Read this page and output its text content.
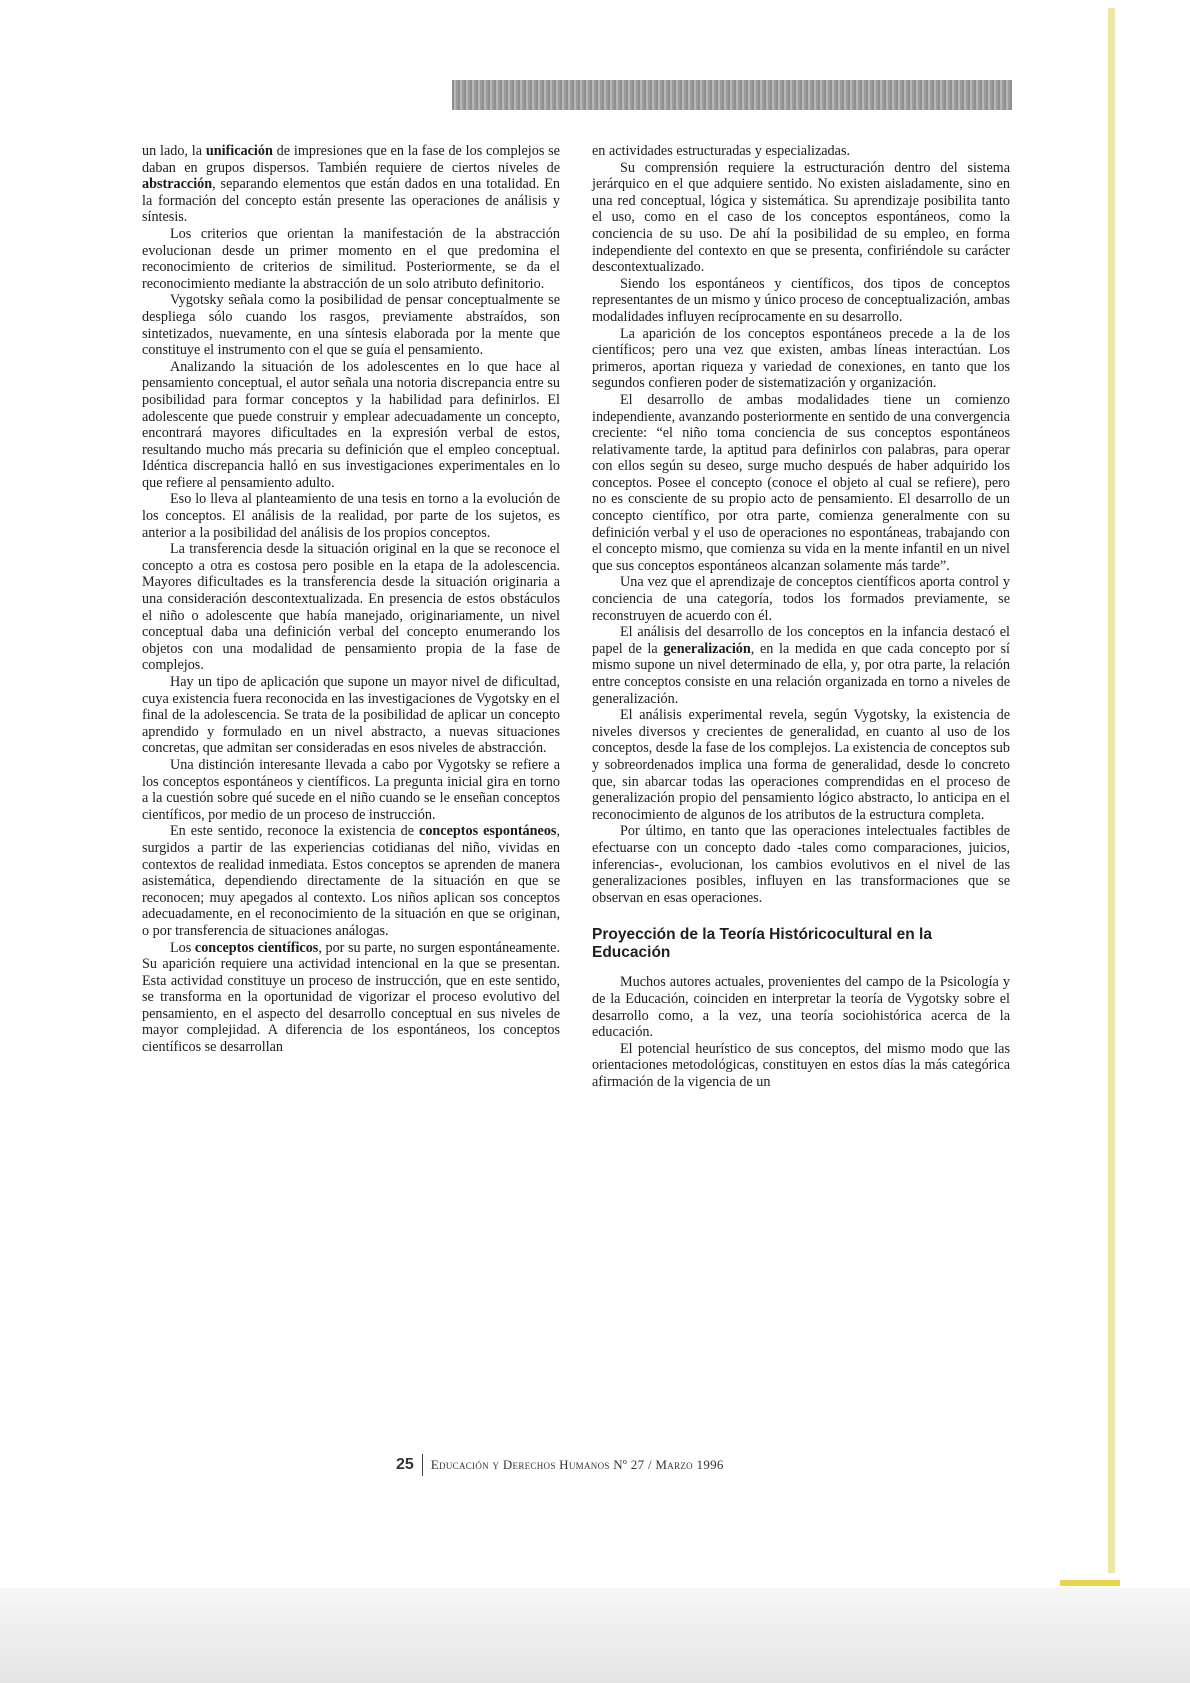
un lado, la unificación de impresiones que en la fase de los complejos se daban en grupos dispersos. También requiere de ciertos niveles de abstracción, separando elementos que están dados en una totalidad. En la formación del concepto están presente las operaciones de análisis y síntesis.

Los criterios que orientan la manifestación de la abstracción evolucionan desde un primer momento en el que predomina el reconocimiento de criterios de similitud. Posteriormente, se da el reconocimiento mediante la abstracción de un solo atributo definitorio.

Vygotsky señala como la posibilidad de pensar conceptualmente se despliega sólo cuando los rasgos, previamente abstraídos, son sintetizados, nuevamente, en una síntesis elaborada por la mente que constituye el instrumento con el que se guía el pensamiento.

Analizando la situación de los adolescentes en lo que hace al pensamiento conceptual, el autor señala una notoria discrepancia entre su posibilidad para formar conceptos y la habilidad para definirlos. El adolescente que puede construir y emplear adecuadamente un concepto, encontrará mayores dificultades en la expresión verbal de estos, resultando mucho más precaria su definición que el empleo conceptual. Idéntica discrepancia halló en sus investigaciones experimentales en lo que refiere al pensamiento adulto.

Eso lo lleva al planteamiento de una tesis en torno a la evolución de los conceptos. El análisis de la realidad, por parte de los sujetos, es anterior a la posibilidad del análisis de los propios conceptos.

La transferencia desde la situación original en la que se reconoce el concepto a otra es costosa pero posible en la etapa de la adolescencia. Mayores dificultades es la transferencia desde la situación originaria a una consideración descontextualizada. En presencia de estos obstáculos el niño o adolescente que había manejado, originariamente, un nivel conceptual daba una definición verbal del concepto enumerando los objetos con una modalidad de pensamiento propia de la fase de complejos.

Hay un tipo de aplicación que supone un mayor nivel de dificultad, cuya existencia fuera reconocida en las investigaciones de Vygotsky en el final de la adolescencia. Se trata de la posibilidad de aplicar un concepto aprendido y formulado en un nivel abstracto, a nuevas situaciones concretas, que admitan ser consideradas en esos niveles de abstracción.

Una distinción interesante llevada a cabo por Vygotsky se refiere a los conceptos espontáneos y científicos. La pregunta inicial gira en torno a la cuestión sobre qué sucede en el niño cuando se le enseñan conceptos científicos, por medio de un proceso de instrucción.

En este sentido, reconoce la existencia de conceptos espontáneos, surgidos a partir de las experiencias cotidianas del niño, vividas en contextos de realidad inmediata. Estos conceptos se aprenden de manera asistemática, dependiendo directamente de la situación en que se reconocen; muy apegados al contexto. Los niños aplican sos conceptos adecuadamente, en el reconocimiento de la situación en que se originan, o por transferencia de situaciones análogas.

Los conceptos científicos, por su parte, no surgen espontáneamente. Su aparición requiere una actividad intencional en la que se presentan. Esta actividad constituye un proceso de instrucción, que en este sentido, se transforma en la oportunidad de vigorizar el proceso evolutivo del pensamiento, en el aspecto del desarrollo conceptual en sus niveles de mayor complejidad. A diferencia de los espontáneos, los conceptos científicos se desarrollan

en actividades estructuradas y especializadas.

Su comprensión requiere la estructuración dentro del sistema jerárquico en el que adquiere sentido. No existen aisladamente, sino en una red conceptual, lógica y sistemática. Su aprendizaje posibilita tanto el uso, como en el caso de los conceptos espontáneos, como la conciencia de su uso. De ahí la posibilidad de su empleo, en forma independiente del contexto en que se presenta, confiriéndole su carácter descontextualizado.

Siendo los espontáneos y científicos, dos tipos de conceptos representantes de un mismo y único proceso de conceptualización, ambas modalidades influyen recíprocamente en su desarrollo.

La aparición de los conceptos espontáneos precede a la de los científicos; pero una vez que existen, ambas líneas interactúan. Los primeros, aportan riqueza y variedad de conexiones, en tanto que los segundos confieren poder de sistematización y organización.

El desarrollo de ambas modalidades tiene un comienzo independiente, avanzando posteriormente en sentido de una convergencia creciente: “el niño toma conciencia de sus conceptos espontáneos relativamente tarde, la aptitud para definirlos con palabras, para operar con ellos según su deseo, surge mucho después de haber adquirido los conceptos. Posee el concepto (conoce el objeto al cual se refiere), pero no es consciente de su propio acto de pensamiento. El desarrollo de un concepto científico, por otra parte, comienza generalmente con su definición verbal y el uso de operaciones no espontáneas, trabajando con el concepto mismo, que comienza su vida en la mente infantil en un nivel que sus conceptos espontáneos alcanzan solamente más tarde”.

Una vez que el aprendizaje de conceptos científicos aporta control y conciencia de una categoría, todos los formados previamente, se reconstruyen de acuerdo con él.

El análisis del desarrollo de los conceptos en la infancia destacó el papel de la generalización, en la medida en que cada concepto por sí mismo supone un nivel determinado de ella, y, por otra parte, la relación entre conceptos consiste en una relación organizada en torno a niveles de generalización.

El análisis experimental revela, según Vygotsky, la existencia de niveles diversos y crecientes de generalidad, en cuanto al uso de los conceptos, desde la fase de los complejos. La existencia de conceptos sub y sobreordenados implica una forma de generalidad, desde lo concreto que, sin abarcar todas las operaciones comprendidas en el proceso de generalización propio del pensamiento lógico abstracto, lo anticipa en el reconocimiento de algunos de los atributos de la estructura completa.

Por último, en tanto que las operaciones intelectuales factibles de efectuarse con un concepto dado -tales como comparaciones, juicios, inferencias-, evolucionan, los cambios evolutivos en el nivel de las generalizaciones posibles, influyen en las transformaciones que se observan en esas operaciones.

Proyección de la Teoría Históricocultural en la Educación

Muchos autores actuales, provenientes del campo de la Psicología y de la Educación, coinciden en interpretar la teoría de Vygotsky sobre el desarrollo como, a la vez, una teoría sociohistórica acerca de la educación.

El potencial heurístico de sus conceptos, del mismo modo que las orientaciones metodológicas, constituyen en estos días la más categórica afirmación de la vigencia de un

25	Educación y Derechos Humanos Nº 27 / Marzo 1996
